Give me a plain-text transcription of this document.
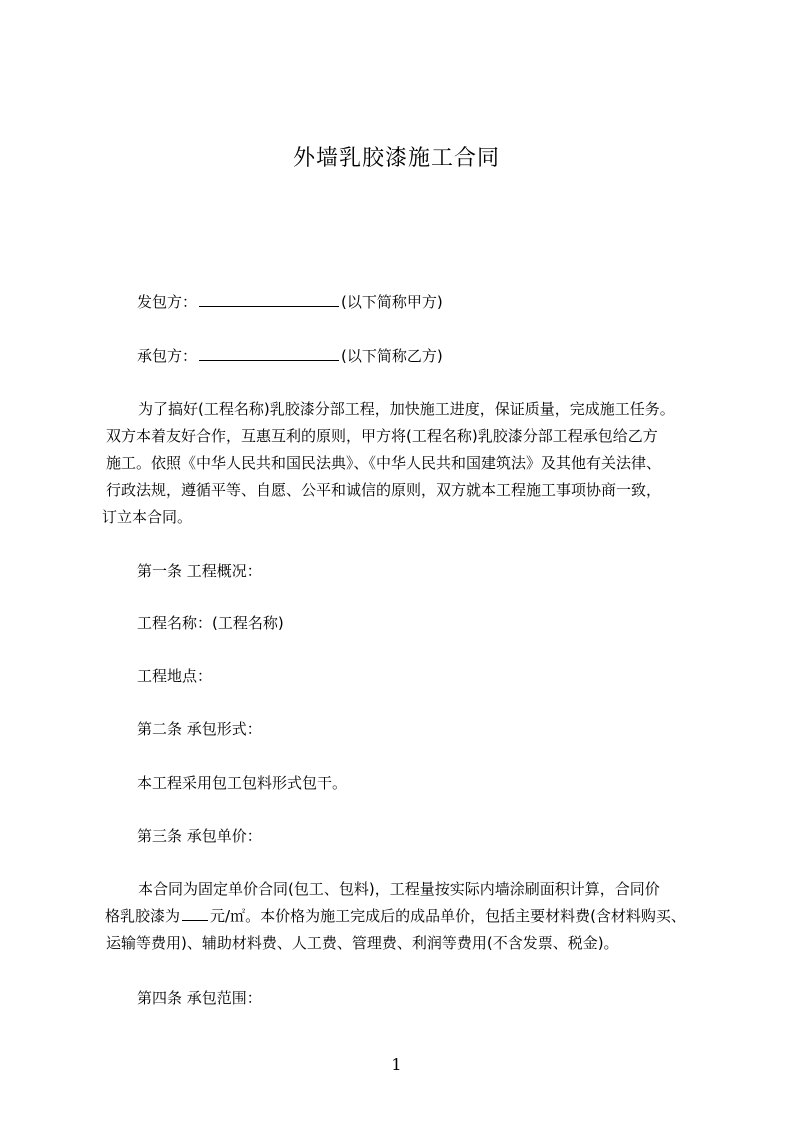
外墙乳胶漆施工合同
发包方：	(以下简称甲方)
承包方：	(以下简称乙方)

为了搞好(工程名称)乳胶漆分部工程，加快施工进度，保证质量，完成施工任务。

双方本着友好合作，互惠互利的原则，甲方将(工程名称)乳胶漆分部工程承包给乙方

施工。依照《中华人民共和国民法典》、《中华人民共和国建筑法》及其他有关法律、

行政法规，遵循平等、自愿、公平和诚信的原则，双方就本工程施工事项协商一致，

订立本合同。

第一条 工程概况：
工程名称：(工程名称)
工程地点：
第二条 承包形式：
本工程采用包工包料形式包干。
第三条 承包单价：

本合同为固定单价合同(包工、包料)，工程量按实际内墙涂刷面积计算，合同价

格乳胶漆为 元/㎡。本价格为施工完成后的成品单价，包括主要材料费(含材料购买、

运输等费用)、辅助材料费、人工费、管理费、利润等费用(不含发票、税金)。

第四条 承包范围：
1
